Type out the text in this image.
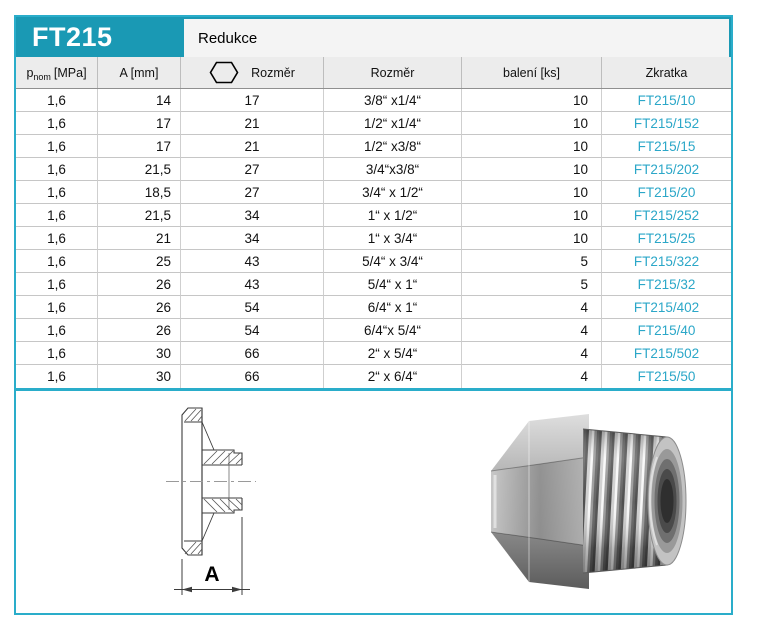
FT215	Redukce
p nom [MPa]	A [mm]	Rozměr	Rozměr	balení [ks]	Zkratka
1,6	14	17	3/8“ x1/4“	10	FT215/10
1,6	17	21	1/2“ x1/4“	10	FT215/152
1,6	17	21	1/2“ x3/8“	10	FT215/15
1,6	21,5	27	3/4“x3/8“	10	FT215/202
1,6	18,5	27	3/4“ x 1/2“	10	FT215/20
1,6	21,5	34	1“ x 1/2“	10	FT215/252
1,6	21	34	1“ x 3/4“	10	FT215/25
1,6	25	43	5/4“ x 3/4“	5	FT215/322
1,6	26	43	5/4“ x 1“	5	FT215/32
1,6	26	54	6/4“ x 1“	4	FT215/402
1,6	26	54	6/4“x 5/4“	4	FT215/40
1,6	30	66	2“ x 5/4“	4	FT215/502
1,6	30	66	2“ x 6/4“	4	FT215/50
A
